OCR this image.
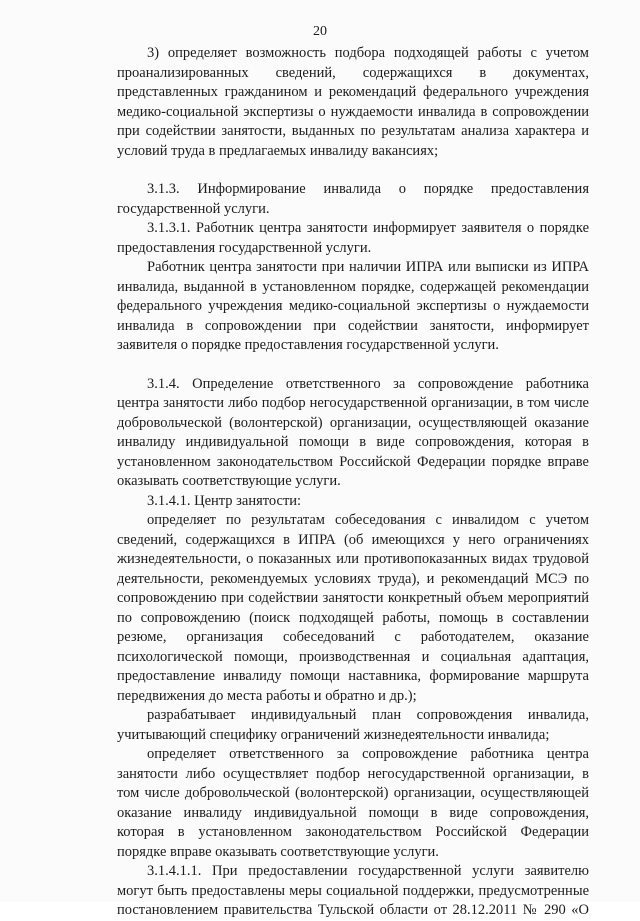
20

3) определяет возможность подбора подходящей работы с учетом проанализированных сведений, содержащихся в документах, представленных гражданином и рекомендаций федерального учреждения медико-социальной экспертизы о нуждаемости инвалида в сопровождении при содействии занятости, выданных по результатам анализа характера и условий труда в предлагаемых инвалиду вакансиях;

3.1.3. Информирование инвалида о порядке предоставления государственной услуги.

3.1.3.1. Работник центра занятости информирует заявителя о порядке предоставления государственной услуги.

Работник центра занятости при наличии ИПРА или выписки из ИПРА инвалида, выданной в установленном порядке, содержащей рекомендации федерального учреждения медико-социальной экспертизы о нуждаемости инвалида в сопровождении при содействии занятости, информирует заявителя о порядке предоставления государственной услуги.

3.1.4. Определение ответственного за сопровождение работника центра занятости либо подбор негосударственной организации, в том числе добровольческой (волонтерской) организации, осуществляющей оказание инвалиду индивидуальной помощи в виде сопровождения, которая в установленном законодательством Российской Федерации порядке вправе оказывать соответствующие услуги.

3.1.4.1. Центр занятости:

определяет по результатам собеседования с инвалидом с учетом сведений, содержащихся в ИПРА (об имеющихся у него ограничениях жизнедеятельности, о показанных или противопоказанных видах трудовой деятельности, рекомендуемых условиях труда), и рекомендаций МСЭ по сопровождению при содействии занятости конкретный объем мероприятий по сопровождению (поиск подходящей работы, помощь в составлении резюме, организация собеседований с работодателем, оказание психологической помощи, производственная и социальная адаптация, предоставление инвалиду помощи наставника, формирование маршрута передвижения до места работы и обратно и др.);

разрабатывает индивидуальный план сопровождения инвалида, учитывающий специфику ограничений жизнедеятельности инвалида;

определяет ответственного за сопровождение работника центра занятости либо осуществляет подбор негосударственной организации, в том числе добровольческой (волонтерской) организации, осуществляющей оказание инвалиду индивидуальной помощи в виде сопровождения, которая в установленном законодательством Российской Федерации порядке вправе оказывать соответствующие услуги.

3.1.4.1.1. При предоставлении государственной услуги заявителю могут быть предоставлены меры социальной поддержки, предусмотренные постановлением правительства Тульской области от 28.12.2011 № 290 «О
